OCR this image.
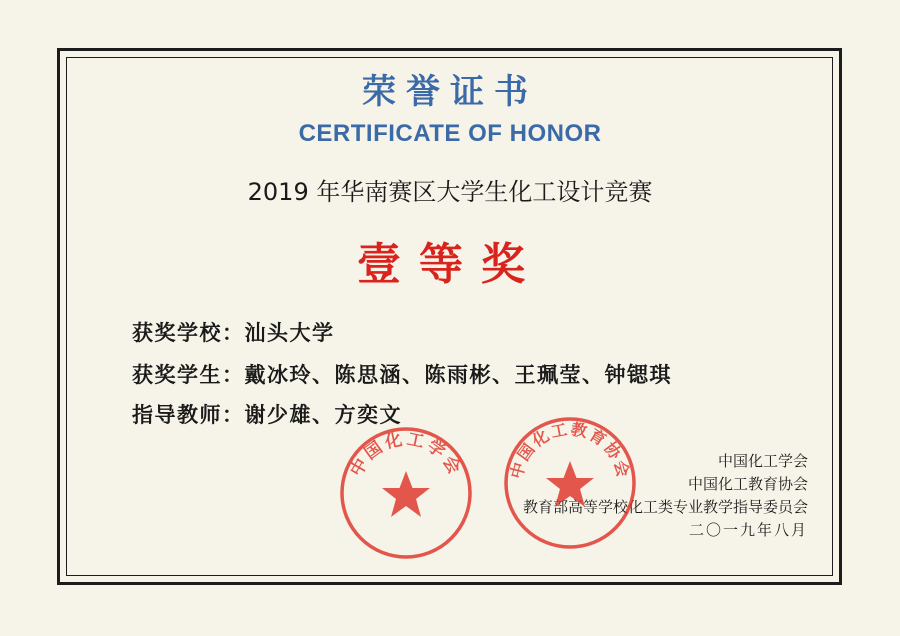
荣誉证书
CERTIFICATE OF HONOR
2019 年华南赛区大学生化工设计竞赛
壹等奖
获奖学校：汕头大学
获奖学生：戴冰玲、陈思涵、陈雨彬、王珮莹、钟锶琪
指导教师：谢少雄、方奕文
中国化工学会
中国化工教育协会
教育部高等学校化工类专业教学指导委员会
二〇一九年八月
中国化工学会	中国化工教育协会
